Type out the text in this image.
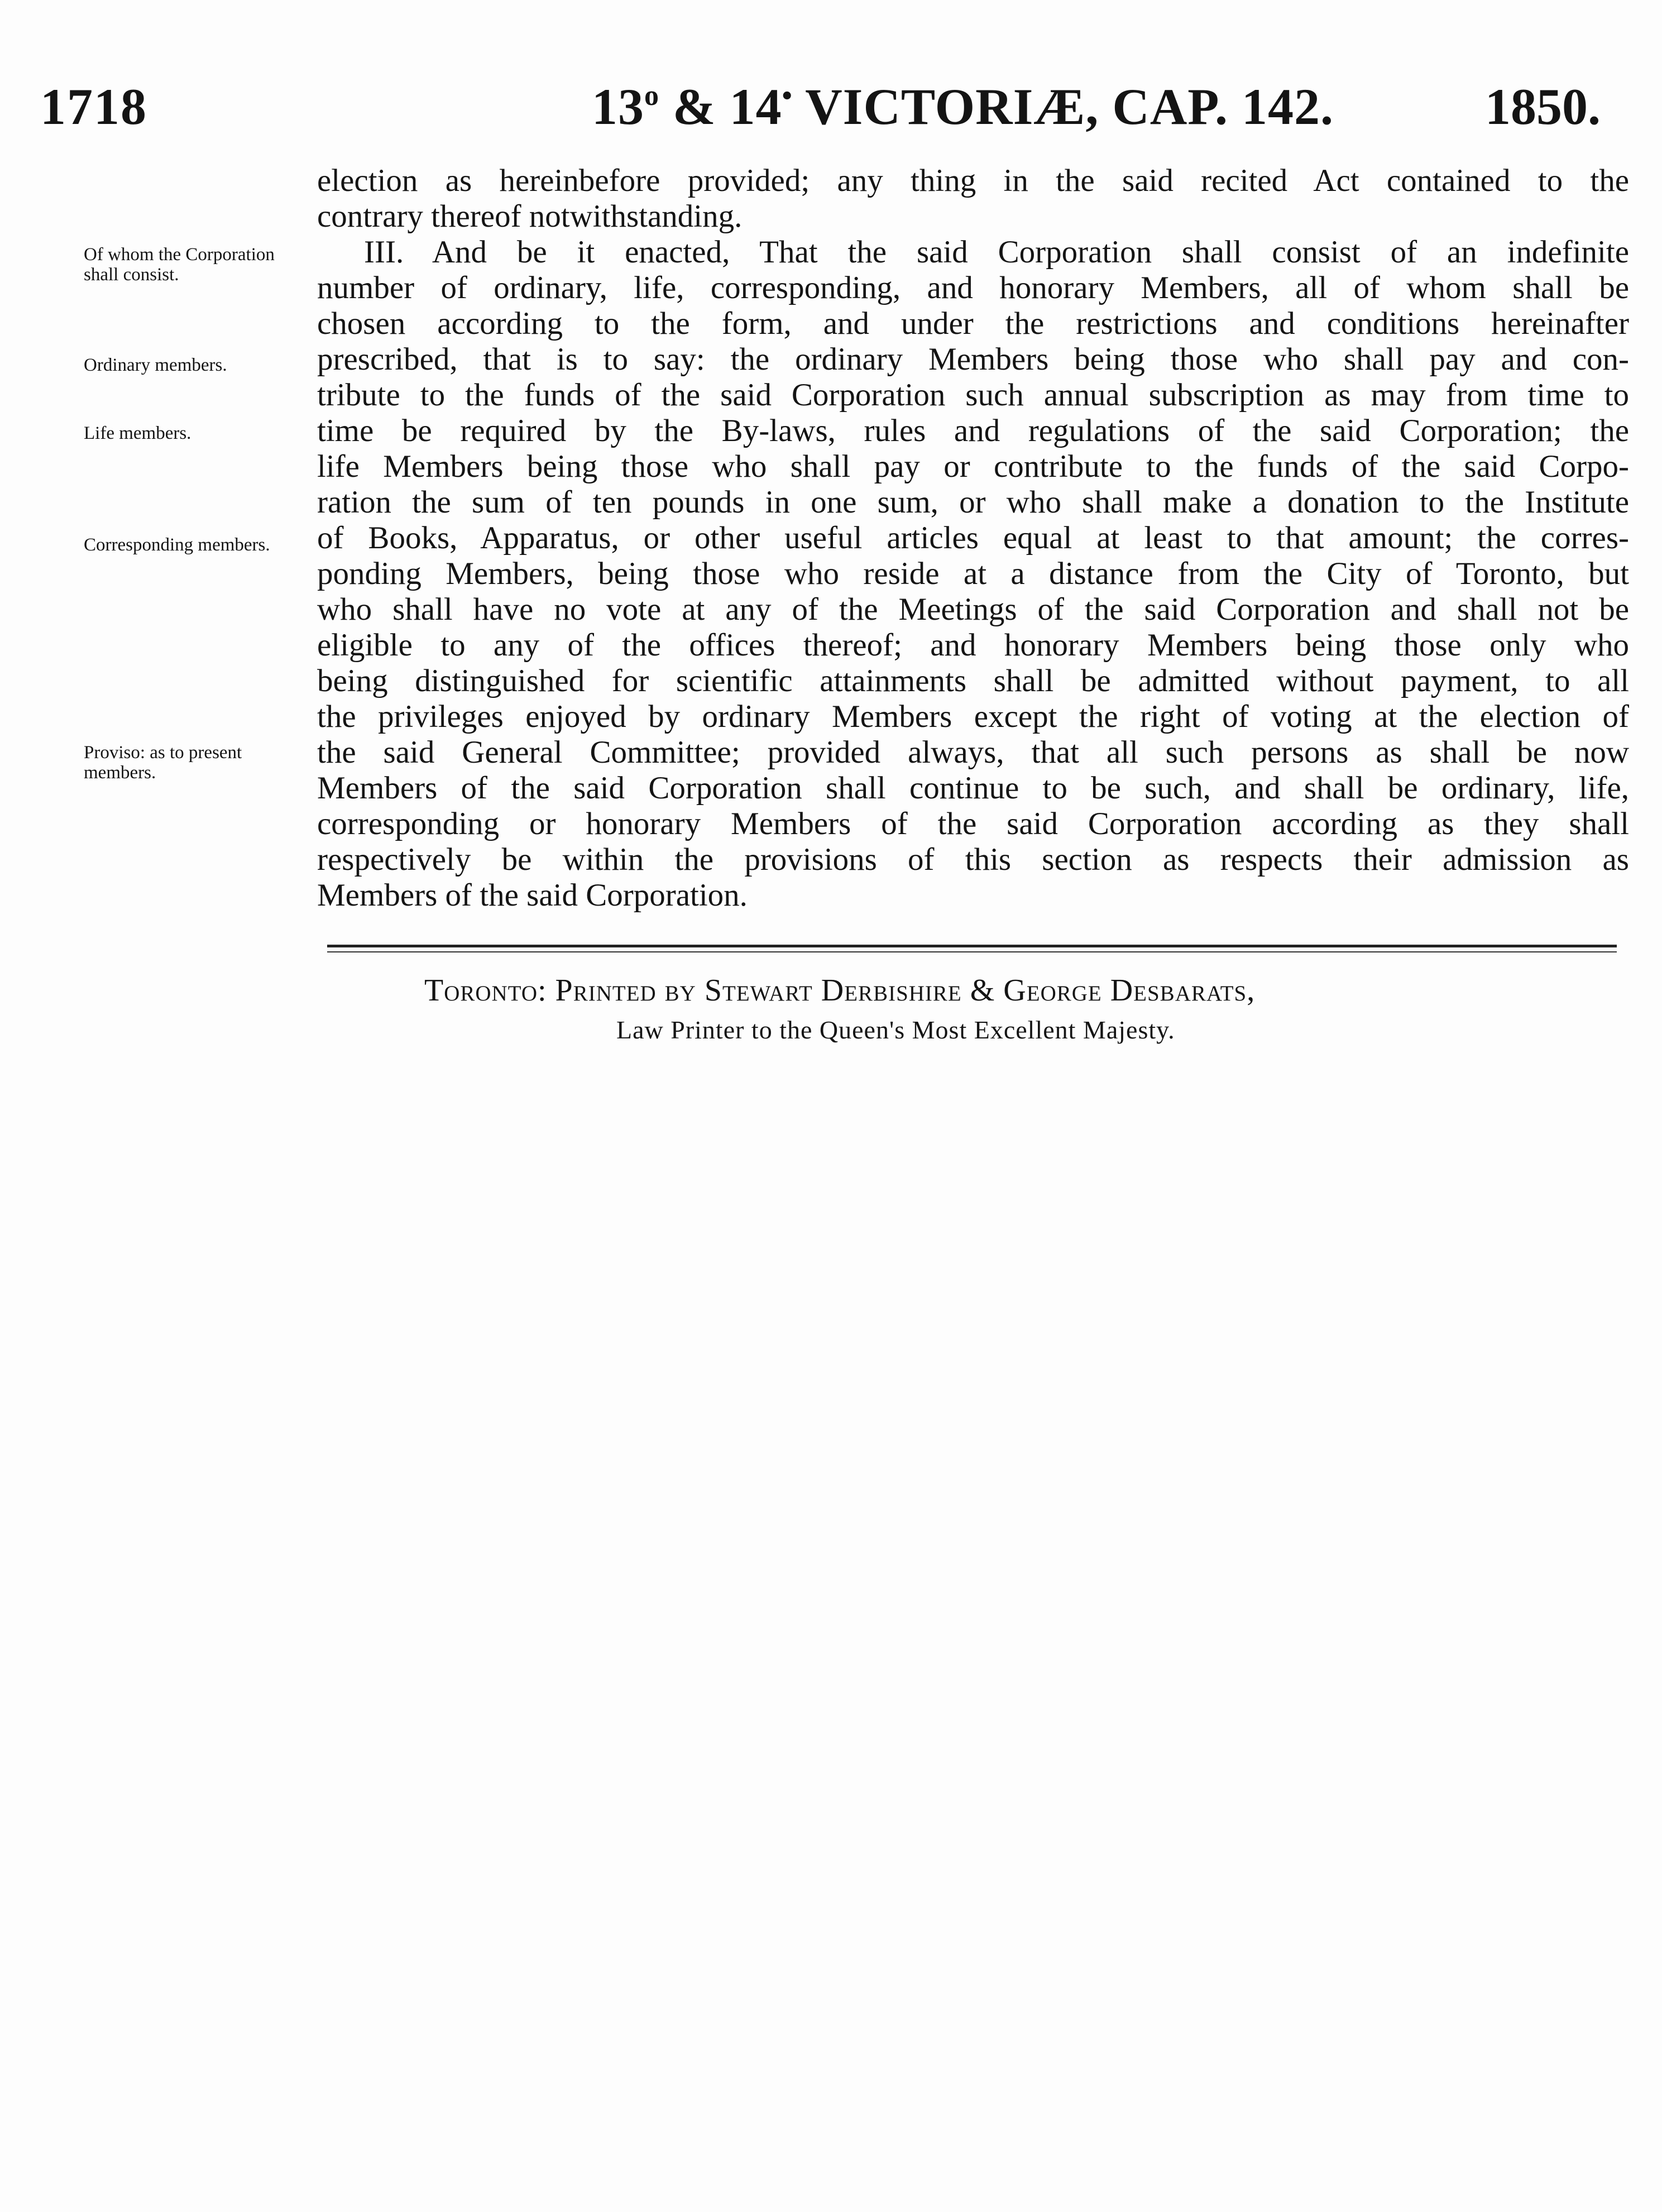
1718	13$^o$ & 14• VICTORIÆ, CAP. 142.	1850.
Of whom the Corporation shall consist.
Ordinary members.
Life members.
Corresponding members.
Proviso: as to present members.
election as hereinbefore provided; any thing in the said recited Act contained to the
contrary thereof notwithstanding.
III. And be it enacted, That the said Corporation shall consist of an indefinite
number of ordinary, life, corresponding, and honorary Members, all of whom shall be
chosen according to the form, and under the restrictions and conditions hereinafter
prescribed, that is to say: the ordinary Members being those who shall pay and con-
tribute to the funds of the said Corporation such annual subscription as may from time to
time be required by the By-laws, rules and regulations of the said Corporation; the
life Members being those who shall pay or contribute to the funds of the said Corpo-
ration the sum of ten pounds in one sum, or who shall make a donation to the Institute
of Books, Apparatus, or other useful articles equal at least to that amount; the corres-
ponding Members, being those who reside at a distance from the City of Toronto, but
who shall have no vote at any of the Meetings of the said Corporation and shall not be
eligible to any of the offices thereof; and honorary Members being those only who
being distinguished for scientific attainments shall be admitted without payment, to all
the privileges enjoyed by ordinary Members except the right of voting at the election of
the said General Committee; provided always, that all such persons as shall be now
Members of the said Corporation shall continue to be such, and shall be ordinary, life,
corresponding or honorary Members of the said Corporation according as they shall
respectively be within the provisions of this section as respects their admission as
Members of the said Corporation.
Toronto: Printed by Stewart Derbishire & George Desbarats,
Law Printer to the Queen's Most Excellent Majesty.
